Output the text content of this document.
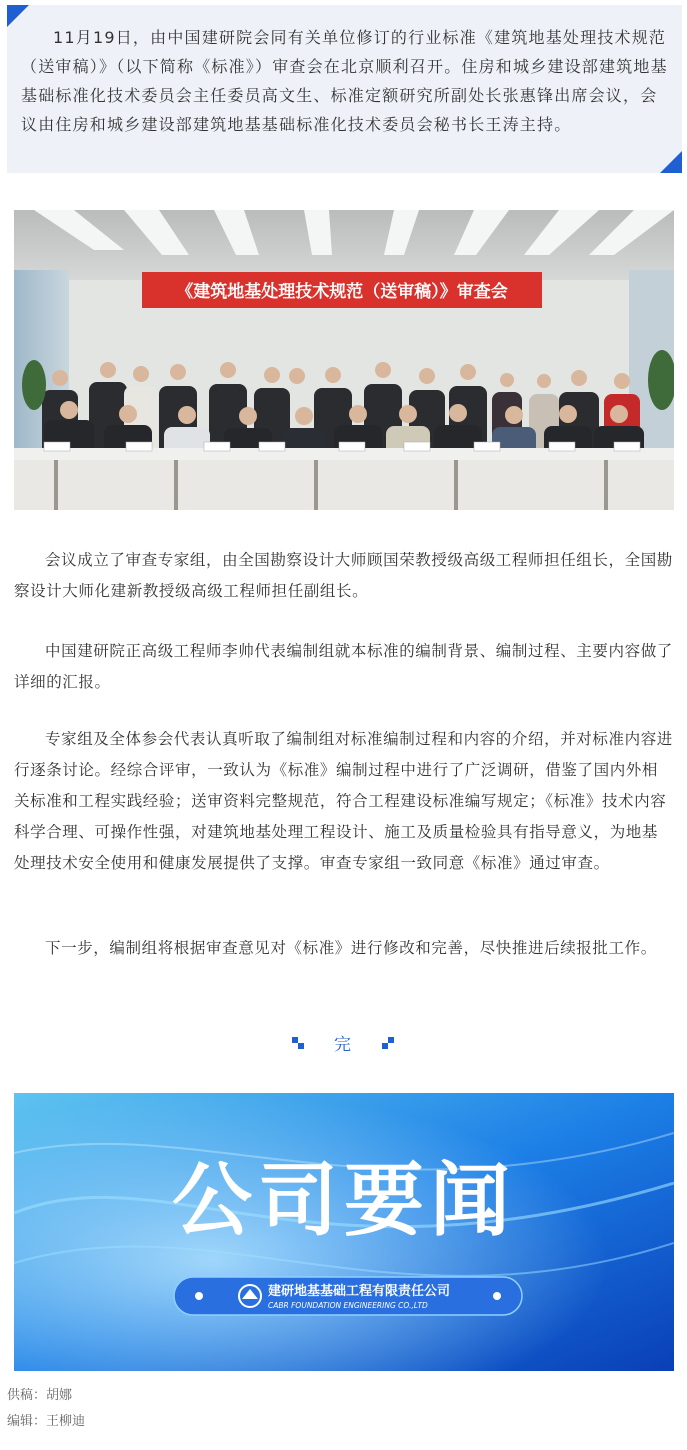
11月19日，由中国建研院会同有关单位修订的行业标准《建筑地基处理技术规范（送审稿）》（以下简称《标准》）审查会在北京顺利召开。住房和城乡建设部建筑地基基础标准化技术委员会主任委员高文生、标准定额研究所副处长张惠锋出席会议，会议由住房和城乡建设部建筑地基基础标准化技术委员会秘书长王涛主持。

《建筑地基处理技术规范（送审稿）》审查会

会议成立了审查专家组，由全国勘察设计大师顾国荣教授级高级工程师担任组长，全国勘察设计大师化建新教授级高级工程师担任副组长。

中国建研院正高级工程师李帅代表编制组就本标准的编制背景、编制过程、主要内容做了详细的汇报。

专家组及全体参会代表认真听取了编制组对标准编制过程和内容的介绍，并对标准内容进行逐条讨论。经综合评审，一致认为《标准》编制过程中进行了广泛调研，借鉴了国内外相关标准和工程实践经验；送审资料完整规范，符合工程建设标准编写规定；《标准》技术内容科学合理、可操作性强，对建筑地基处理工程设计、施工及质量检验具有指导意义，为地基处理技术安全使用和健康发展提供了支撑。审查专家组一致同意《标准》通过审查。

下一步，编制组将根据审查意见对《标准》进行修改和完善，尽快推进后续报批工作。

完
公司要闻
建研地基基础工程有限责任公司
CABR FOUNDATION ENGINEERING CO.,LTD
供稿：胡娜
编辑：王柳迪
